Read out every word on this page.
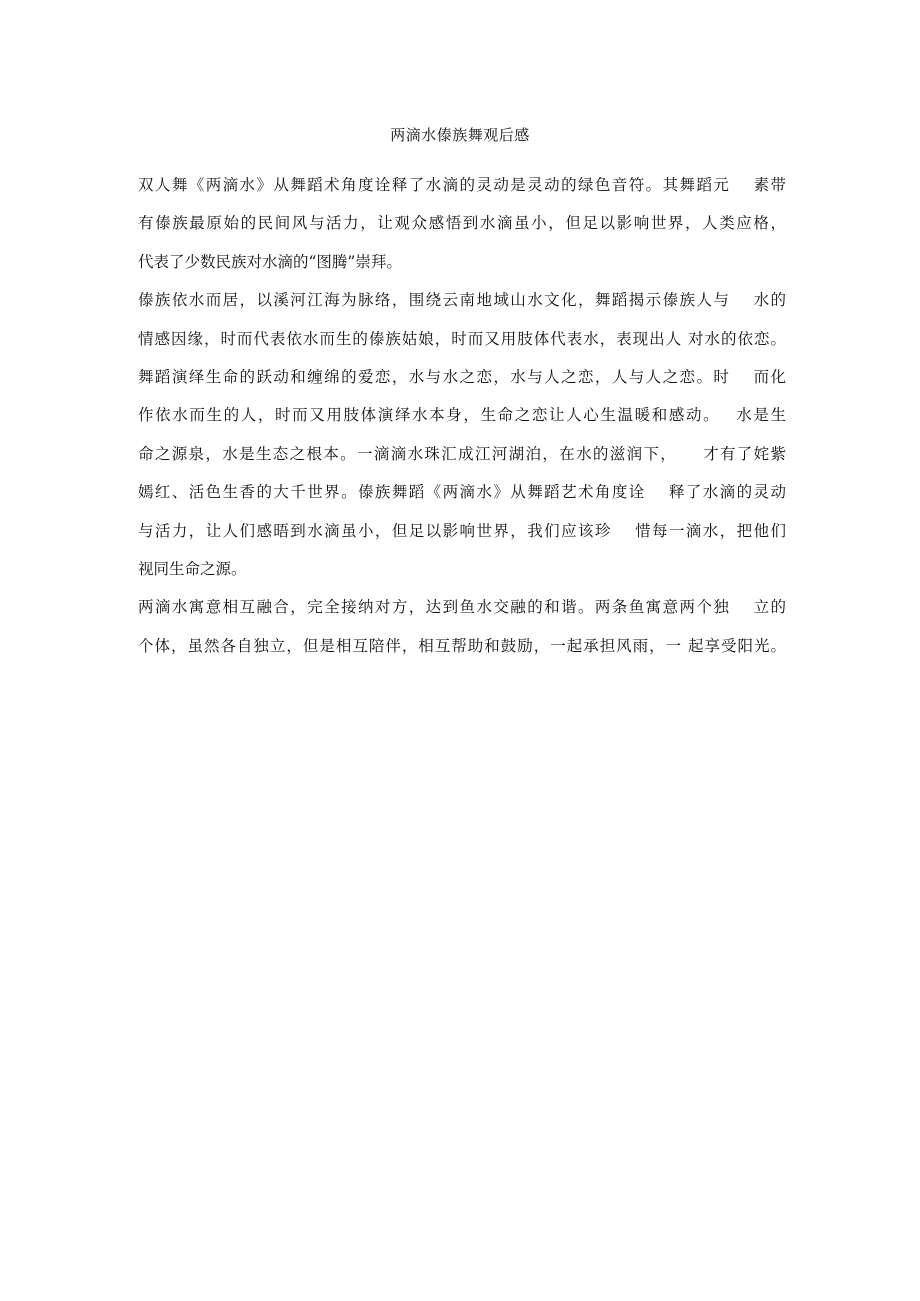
两滴水傣族舞观后感
双人舞《两滴水》从舞蹈术角度诠释了水滴的灵动是灵动的绿色音符。其舞蹈元　 素带
有傣族最原始的民间风与活力，让观众感悟到水滴虽小，但足以影响世界，人类应格，
代表了少数民族对水滴的“图腾”崇拜。
傣族依水而居，以溪河江海为脉络，围绕云南地域山水文化，舞蹈揭示傣族人与　 水的
情感因缘，时而代表依水而生的傣族姑娘，时而又用肢体代表水，表现出人 对水的依恋。
舞蹈演绎生命的跃动和缠绵的爱恋，水与水之恋，水与人之恋，人与人之恋。时　 而化
作依水而生的人，时而又用肢体演绎水本身，生命之恋让人心生温暖和感动。　 水是生
命之源泉，水是生态之根本。一滴滴水珠汇成江河湖泊，在水的滋润下，　　才有了姹紫
嫣红、活色生香的大千世界。傣族舞蹈《两滴水》从舞蹈艺术角度诠　 释了水滴的灵动
与活力，让人们感晤到水滴虽小，但足以影响世界，我们应该珍　 惜每一滴水，把他们
视同生命之源。
两滴水寓意相互融合，完全接纳对方，达到鱼水交融的和谐。两条鱼寓意两个独　 立的
个体，虽然各自独立，但是相互陪伴，相互帮助和鼓励，一起承担风雨，一 起享受阳光。
